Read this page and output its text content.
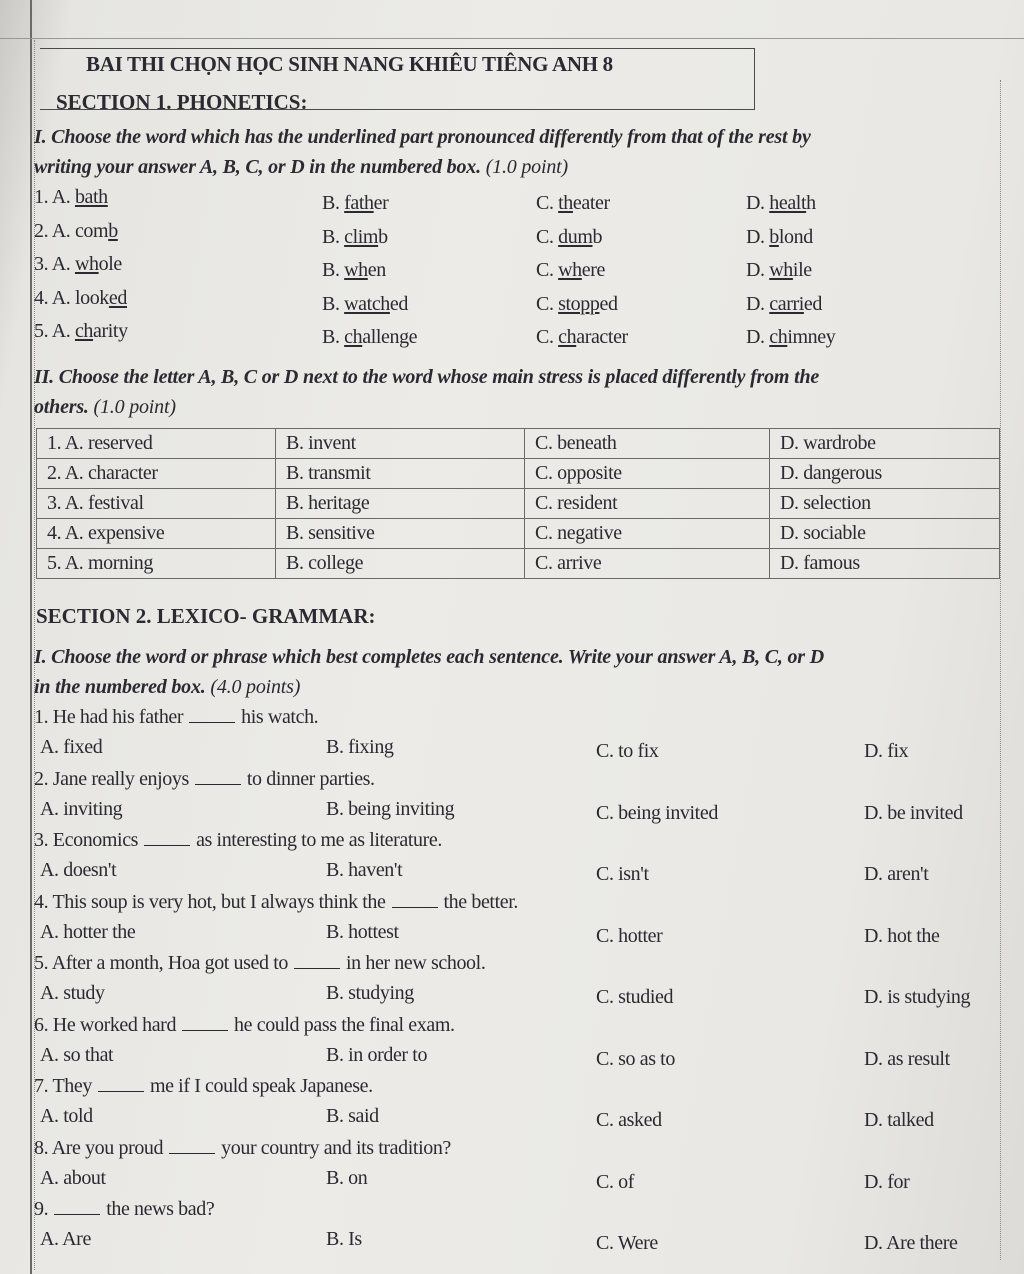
BAI THI CHỌN HỌC SINH NANG KHIÊU TIÊNG ANH 8
SECTION 1. PHONETICS:
I. Choose the word which has the underlined part pronounced differently from that of the rest by
writing your answer A, B, C, or D in the numbered box. (1.0 point)
1. A. bath	B. father	C. theater	D. health
2. A. comb	B. climb	C. dumb	D. blond
3. A. whole	B. when	C. where	D. while
4. A. looked	B. watched	C. stopped	D. carried
5. A. charity	B. challenge	C. character	D. chimney
II. Choose the letter A, B, C or D next to the word whose main stress is placed differently from the
others. (1.0 point)
1. A. reserved	B. invent	C. beneath	D. wardrobe
2. A. character	B. transmit	C. opposite	D. dangerous
3. A. festival	B. heritage	C. resident	D. selection
4. A. expensive	B. sensitive	C. negative	D. sociable
5. A. morning	B. college	C. arrive	D. famous
SECTION 2. LEXICO- GRAMMAR:
I. Choose the word or phrase which best completes each sentence. Write your answer A, B, C, or D
in the numbered box. (4.0 points)
1. He had his father	his watch.
A. fixed	B. fixing	C. to fix	D. fix
2. Jane really enjoys	to dinner parties.
A. inviting	B. being inviting	C. being invited	D. be invited
3. Economics	as interesting to me as literature.
A. doesn't	B. haven't	C. isn't	D. aren't
4. This soup is very hot, but I always think the	the better.
A. hotter the	B. hottest	C. hotter	D. hot the
5. After a month, Hoa got used to	in her new school.
A. study	B. studying	C. studied	D. is studying
6. He worked hard	he could pass the final exam.
A. so that	B. in order to	C. so as to	D. as result
7. They	me if I could speak Japanese.
A. told	B. said	C. asked	D. talked
8. Are you proud	your country and its tradition?
A. about	B. on	C. of	D. for
9.	the news bad?
A. Are	B. Is	C. Were	D. Are there
